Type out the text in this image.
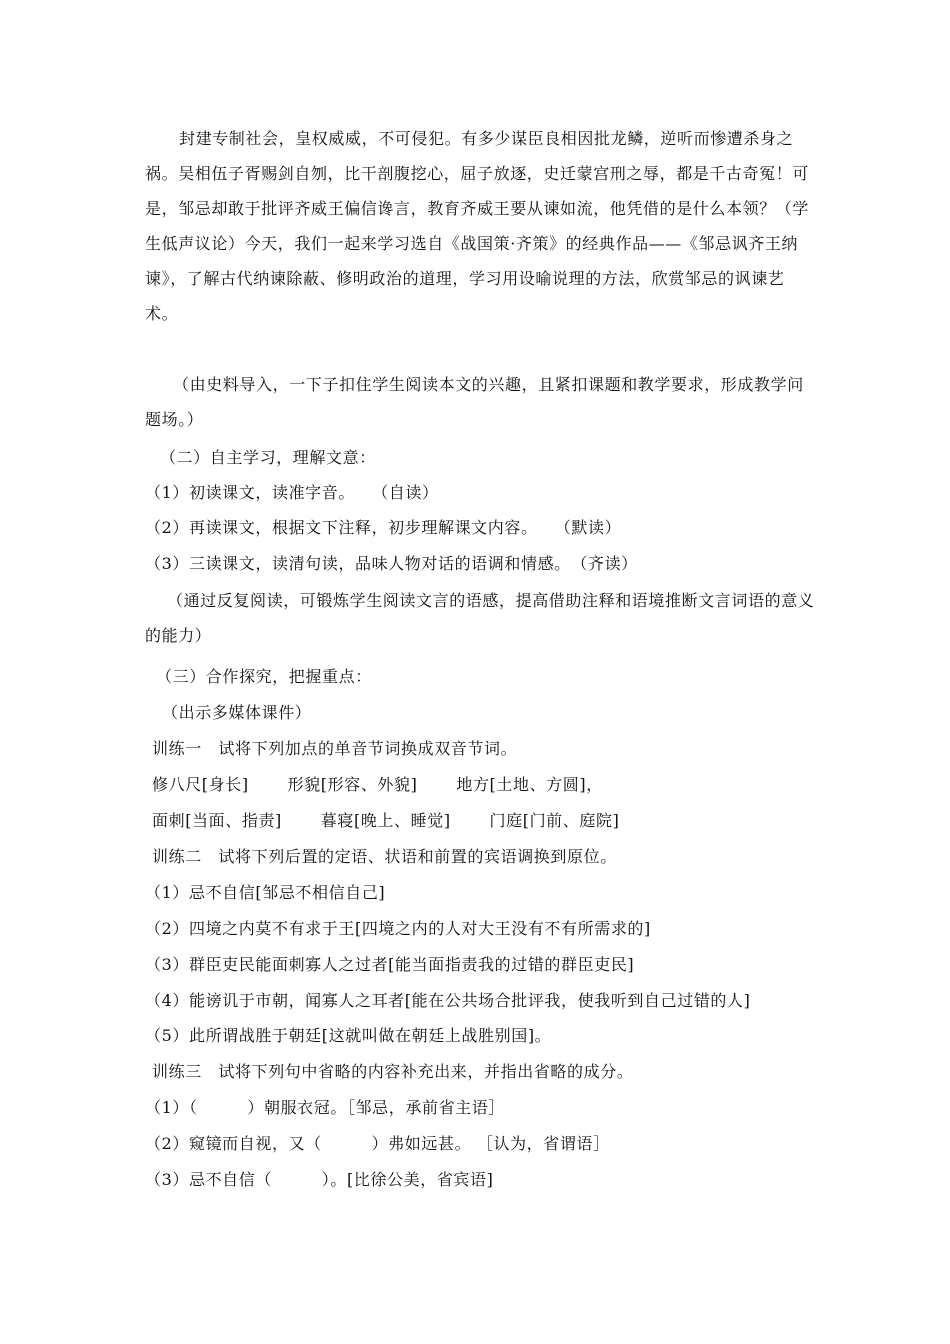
封建专制社会，皇权威威，不可侵犯。有多少谋臣良相因批龙鳞，逆听而惨遭杀身之祸。吴相伍子胥赐剑自刎，比干剖腹挖心，屈子放逐，史迁蒙宫刑之辱，都是千古奇冤！可是，邹忌却敢于批评齐威王偏信谗言，教育齐威王要从谏如流，他凭借的是什么本领？（学生低声议论）今天，我们一起来学习选自《战国策·齐策》的经典作品——《邹忌讽齐王纳谏》，了解古代纳谏除蔽、修明政治的道理，学习用设喻说理的方法，欣赏邹忌的讽谏艺术。
（由史料导入，一下子扣住学生阅读本文的兴趣，且紧扣课题和教学要求，形成教学问题场。）
（二）自主学习，理解文意：
（1）初读课文，读准字音。　　（自读）
（2）再读课文，根据文下注释，初步理解课文内容。　　（默读）
（3）三读课文，读清句读，品味人物对话的语调和情感。　（齐读）
（通过反复阅读，可锻炼学生阅读文言的语感，提高借助注释和语境推断文言词语的意义的能力）
（三）合作探究，把握重点：
（出示多媒体课件）
训练一　试将下列加点的单音节词换成双音节词。
修八尺[身长]　　 形貌[形容、外貌]　　 地方[土地、方圆]，
面刺[当面、指责]　　 暮寝[晚上、睡觉]　　 门庭[门前、庭院]
训练二　试将下列后置的定语、状语和前置的宾语调换到原位。
（1）忌不自信[邹忌不相信自己]
（2）四境之内莫不有求于王[四境之内的人对大王没有不有所需求的]
（3）群臣吏民能面刺寡人之过者[能当面指责我的过错的群臣吏民]
（4）能谤讥于市朝，闻寡人之耳者[能在公共场合批评我，使我听到自己过错的人]
（5）此所谓战胜于朝廷[这就叫做在朝廷上战胜别国]。
训练三　试将下列句中省略的内容补充出来，并指出省略的成分。
（1）（　　　）朝服衣冠。［邹忌，承前省主语］
（2）窥镜而自视，又（　　　）弗如远甚。 ［认为，省谓语］
（3）忌不自信（　　　）。[比徐公美，省宾语]
